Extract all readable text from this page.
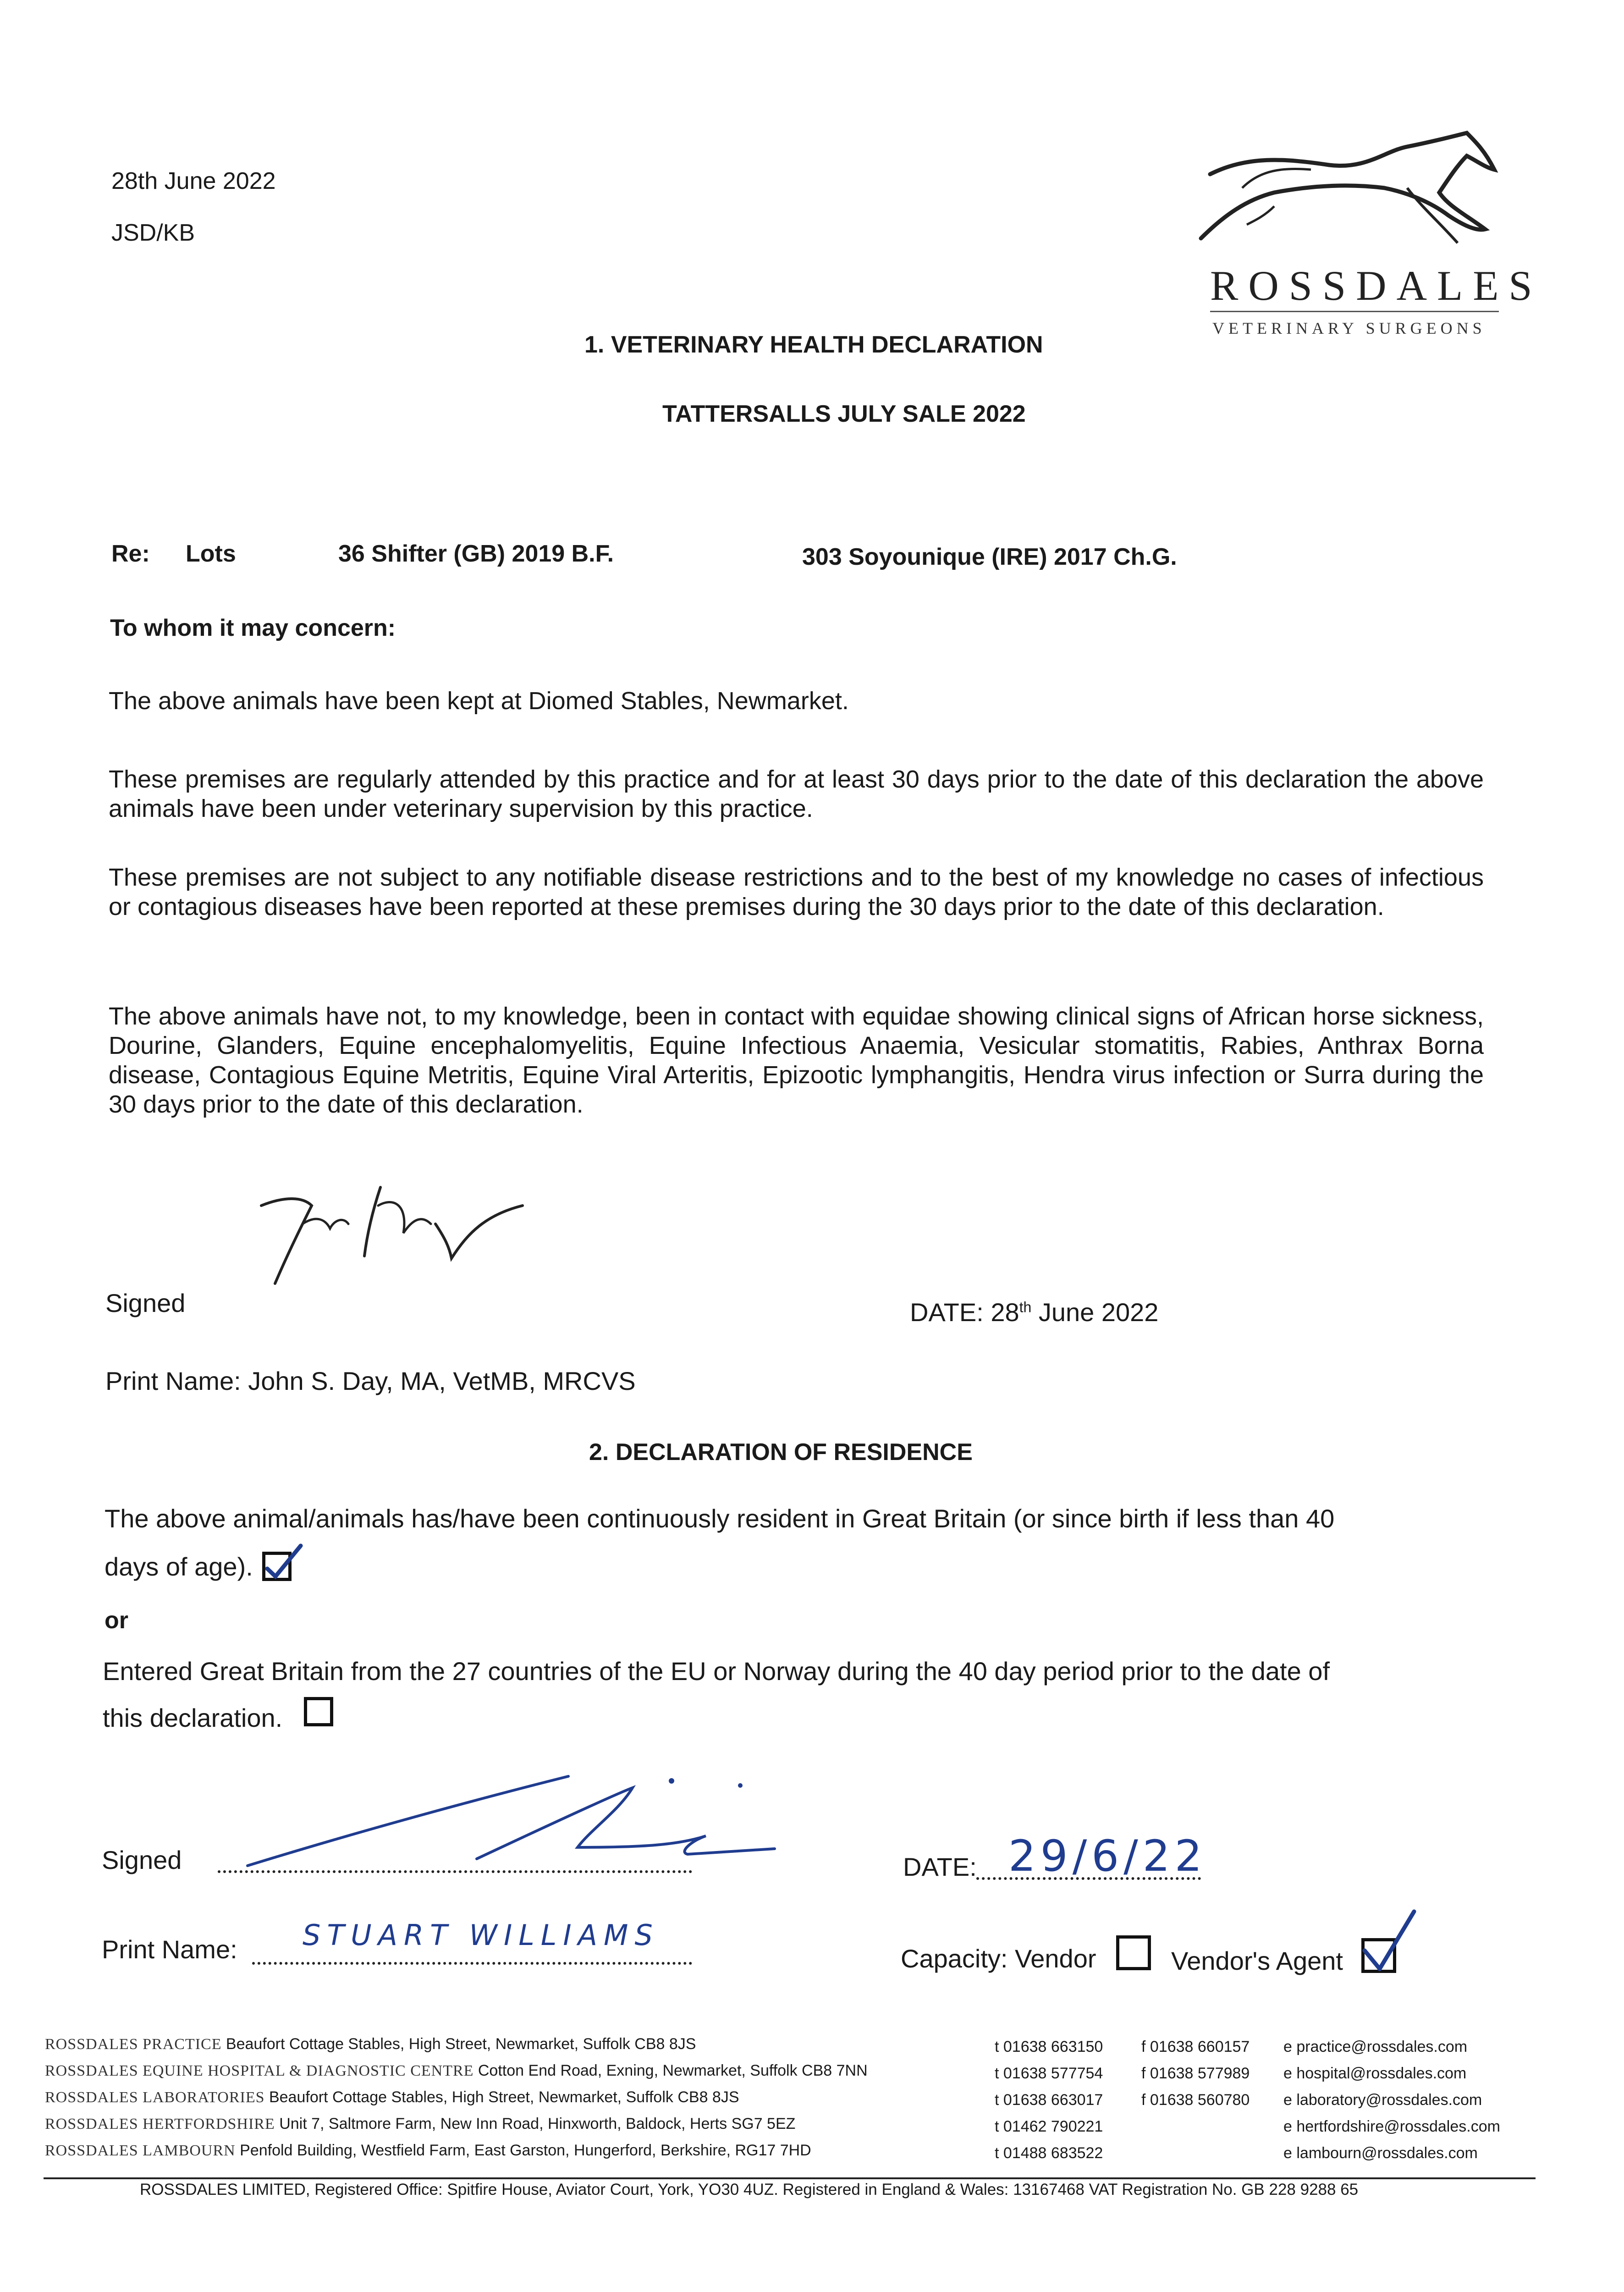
28th June 2022
JSD/KB
ROSSDALES
VETERINARY SURGEONS
1. VETERINARY HEALTH DECLARATION
TATTERSALLS JULY SALE 2022
Re: Lots	36 Shifter (GB) 2019 B.F.	303 Soyounique (IRE) 2017 Ch.G.
To whom it may concern:
The above animals have been kept at Diomed Stables, Newmarket.
These premises are regularly attended by this practice and for at least 30 days prior to the date of this declaration the above animals have been under veterinary supervision by this practice.
These premises are not subject to any notifiable disease restrictions and to the best of my knowledge no cases of infectious or contagious diseases have been reported at these premises during the 30 days prior to the date of this declaration.
The above animals have not, to my knowledge, been in contact with equidae showing clinical signs of African horse sickness, Dourine, Glanders, Equine encephalomyelitis, Equine Infectious Anaemia, Vesicular stomatitis, Rabies, Anthrax Borna disease, Contagious Equine Metritis, Equine Viral Arteritis, Epizootic lymphangitis, Hendra virus infection or Surra during the 30 days prior to the date of this declaration.
Signed	DATE: 28th June 2022
Print Name: John S. Day, MA, VetMB, MRCVS
2. DECLARATION OF RESIDENCE
The above animal/animals has/have been continuously resident in Great Britain (or since birth if less than 40
days of age).
or
Entered Great Britain from the 27 countries of the EU or Norway during the 40 day period prior to the date of
this declaration.
Signed	DATE: 29/6/22
Print Name: STUART WILLIAMS
Capacity: Vendor	Vendor's Agent
ROSSDALES PRACTICE Beaufort Cottage Stables, High Street, Newmarket, Suffolk CB8 8JS	t 01638 663150 f 01638 660157 e practice@rossdales.com
ROSSDALES EQUINE HOSPITAL & DIAGNOSTIC CENTRE Cotton End Road, Exning, Newmarket, Suffolk CB8 7NN	t 01638 577754 f 01638 577989 e hospital@rossdales.com
ROSSDALES LABORATORIES Beaufort Cottage Stables, High Street, Newmarket, Suffolk CB8 8JS	t 01638 663017 f 01638 560780 e laboratory@rossdales.com
ROSSDALES HERTFORDSHIRE Unit 7, Saltmore Farm, New Inn Road, Hinxworth, Baldock, Herts SG7 5EZ	t 01462 790221	e hertfordshire@rossdales.com
ROSSDALES LAMBOURN Penfold Building, Westfield Farm, East Garston, Hungerford, Berkshire, RG17 7HD	t 01488 683522	e lambourn@rossdales.com
ROSSDALES LIMITED, Registered Office: Spitfire House, Aviator Court, York, YO30 4UZ. Registered in England & Wales: 13167468 VAT Registration No. GB 228 9288 65
